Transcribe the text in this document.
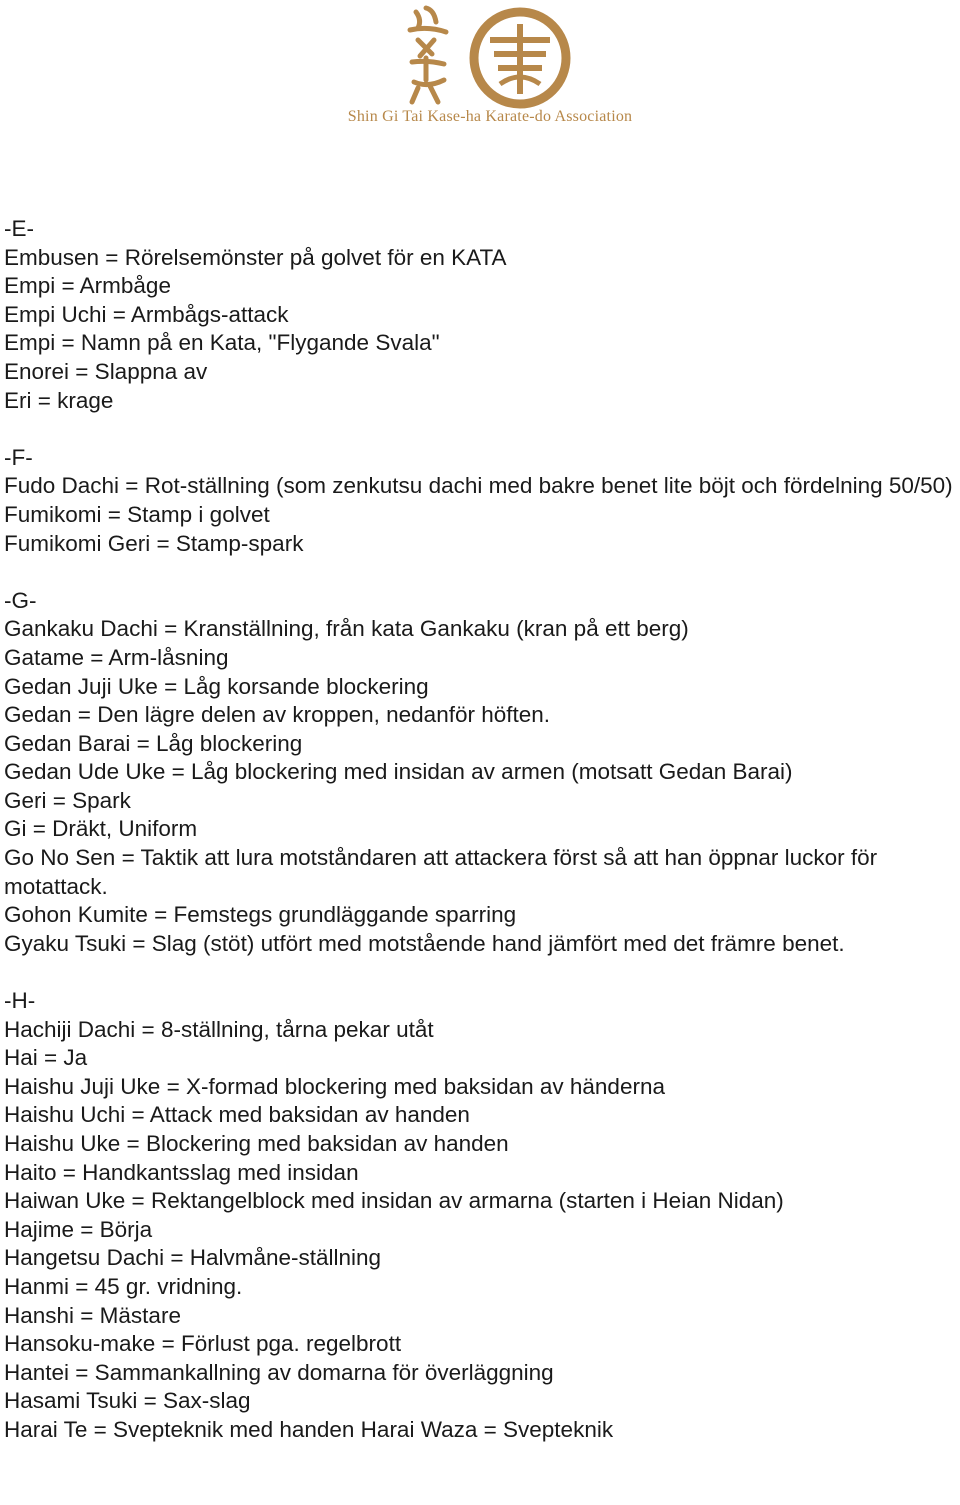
Shin Gi Tai Kase-ha Karate-do Association
-E-
Embusen = Rörelsemönster på golvet för en KATA
Empi = Armbåge
Empi Uchi = Armbågs-attack
Empi = Namn på en Kata, "Flygande Svala"
Enorei = Slappna av
Eri = krage
-F-
Fudo Dachi = Rot-ställning (som zenkutsu dachi med bakre benet lite böjt och fördelning 50/50)
Fumikomi = Stamp i golvet
Fumikomi Geri = Stamp-spark
-G-
Gankaku Dachi = Kranställning, från kata Gankaku (kran på ett berg)
Gatame = Arm-låsning
Gedan Juji Uke = Låg korsande blockering
Gedan = Den lägre delen av kroppen, nedanför höften.
Gedan Barai = Låg blockering
Gedan Ude Uke = Låg blockering med insidan av armen (motsatt Gedan Barai)
Geri = Spark
Gi = Dräkt, Uniform
Go No Sen = Taktik att lura motståndaren att attackera först så att han öppnar luckor för motattack.
Gohon Kumite = Femstegs grundläggande sparring
Gyaku Tsuki = Slag (stöt) utfört med motstående hand jämfört med det främre benet.
-H-
Hachiji Dachi = 8-ställning, tårna pekar utåt
Hai = Ja
Haishu Juji Uke = X-formad blockering med baksidan av händerna
Haishu Uchi = Attack med baksidan av handen
Haishu Uke = Blockering med baksidan av handen
Haito = Handkantsslag med insidan
Haiwan Uke = Rektangelblock med insidan av armarna (starten i Heian Nidan)
Hajime = Börja
Hangetsu Dachi = Halvmåne-ställning
Hanmi = 45 gr. vridning.
Hanshi = Mästare
Hansoku-make = Förlust pga. regelbrott
Hantei = Sammankallning av domarna för överläggning
Hasami Tsuki = Sax-slag
Harai Te = Svepteknik med handen Harai Waza = Svepteknik
